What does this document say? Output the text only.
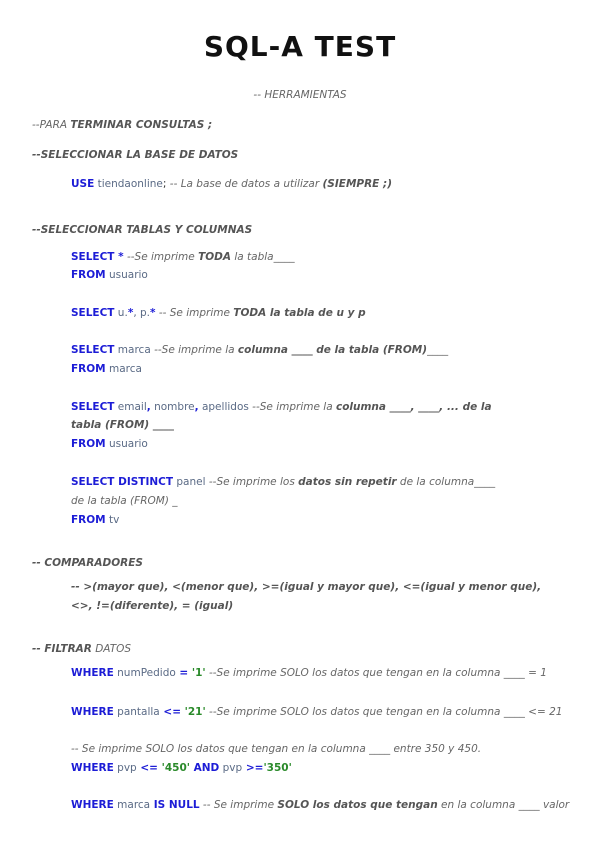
SQL-A TEST
-- HERRAMIENTAS
--PARA TERMINAR CONSULTAS ;
--SELECCIONAR LA BASE DE DATOS
USE tiendaonline; -- La base de datos a utilizar (SIEMPRE ;)
--SELECCIONAR TABLAS Y COLUMNAS
SELECT * --Se imprime TODA la tabla____
FROM usuario
SELECT u.*, p.* -- Se imprime TODA la tabla de u y p
SELECT marca --Se imprime la columna ____ de la tabla (FROM)____
FROM marca
SELECT email, nombre, apellidos --Se imprime la columna ____, ____, ... de la
tabla (FROM) ____
FROM usuario
SELECT DISTINCT panel --Se imprime los datos sin repetir de la columna____
de la tabla (FROM) _
FROM tv
-- COMPARADORES
-- >(mayor que), <(menor que), >=(igual y mayor que), <=(igual y menor que),
<>, !=(diferente), = (igual)
-- FILTRAR DATOS
WHERE numPedido = '1' --Se imprime SOLO los datos que tengan en la columna ____ = 1
WHERE pantalla <= '21' --Se imprime SOLO los datos que tengan en la columna ____ <= 21
-- Se imprime SOLO los datos que tengan en la columna ____ entre 350 y 450.
WHERE pvp <= '450' AND pvp >='350'
WHERE marca IS NULL -- Se imprime SOLO los datos que tengan en la columna ____ valor
